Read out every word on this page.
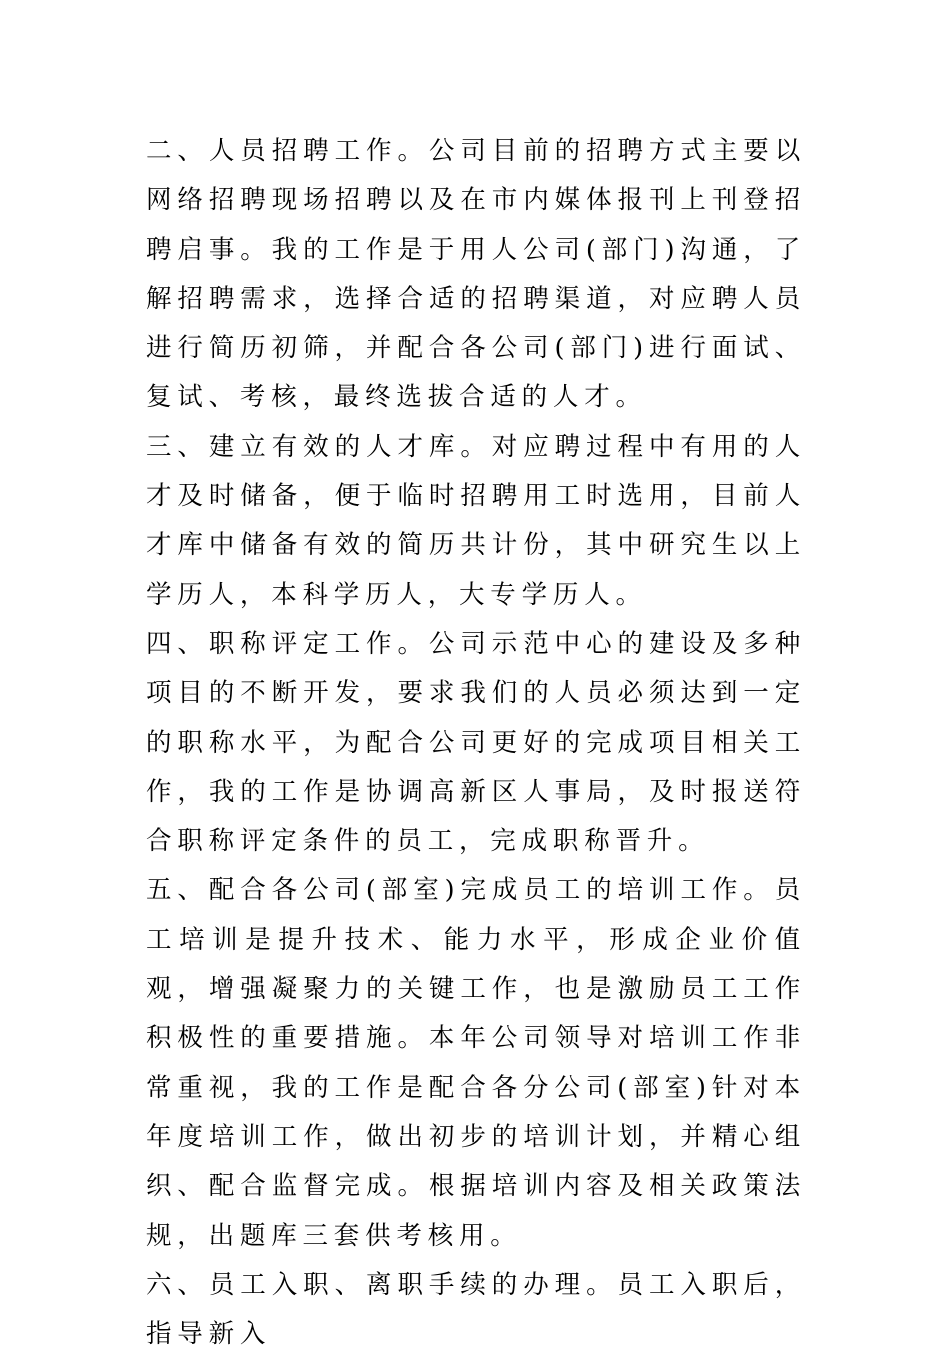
二、人员招聘工作。公司目前的招聘方式主要以网络招聘现场招聘以及在市内媒体报刊上刊登招聘启事。我的工作是于用人公司(部门)沟通，了解招聘需求，选择合适的招聘渠道，对应聘人员进行简历初筛，并配合各公司(部门)进行面试、复试、考核，最终选拔合适的人才。

三、建立有效的人才库。对应聘过程中有用的人才及时储备，便于临时招聘用工时选用，目前人才库中储备有效的简历共计份，其中研究生以上学历人，本科学历人，大专学历人。

四、职称评定工作。公司示范中心的建设及多种项目的不断开发，要求我们的人员必须达到一定的职称水平，为配合公司更好的完成项目相关工作，我的工作是协调高新区人事局，及时报送符合职称评定条件的员工，完成职称晋升。

五、配合各公司(部室)完成员工的培训工作。员工培训是提升技术、能力水平，形成企业价值观，增强凝聚力的关键工作，也是激励员工工作积极性的重要措施。本年公司领导对培训工作非常重视，我的工作是配合各分公司(部室)针对本年度培训工作，做出初步的培训计划，并精心组织、配合监督完成。根据培训内容及相关政策法规，出题库三套供考核用。

六、员工入职、离职手续的办理。员工入职后，指导新入
